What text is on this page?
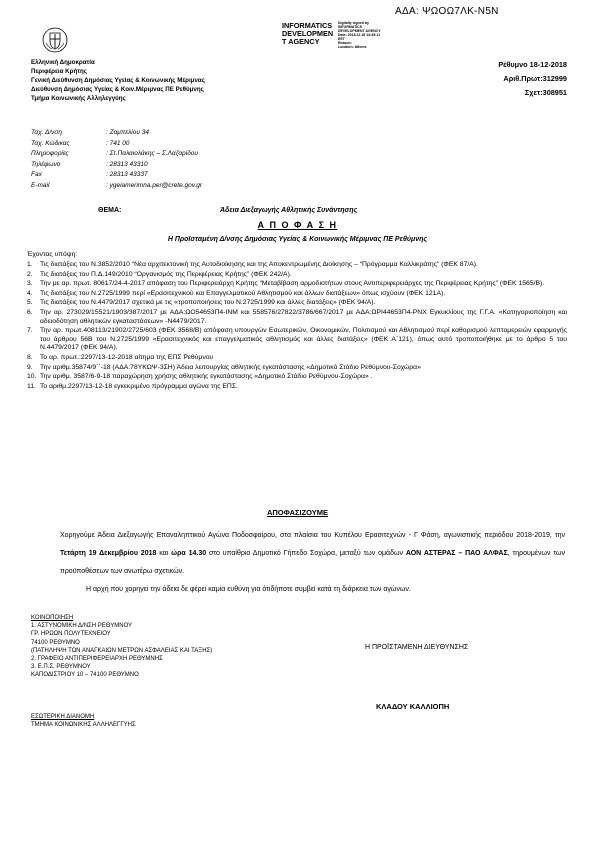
ΑΔΑ: ΨΩΟΩ7ΛΚ-Ν5Ν
INFORMATICS
DEVELOPMEN
T AGENCY
Digitally signed by
INFORMATICS
DEVELOPMENT AGENCY
Date: 2018.12.18 13:35:11
EET
Reason:
Location: Athens
Ελληνική Δημοκρατία
Περιφέρεια Κρήτης
Γενική Διεύθυνση Δημόσιας Υγείας & Κοινωνικής Μέριμνας
Διεύθυνση Δημόσιας Υγείας & Κοιν.Μέριμνας ΠΕ Ρεθύμνης
Τμήμα Κοινωνικής Αλληλεγγύης
Ρέθυμνο 18-12-2018
Αριθ.Πρωτ:312999
Σχετ:308951
Ταχ. Δ/νση	: Ζαμπελίου 34
Ταχ. Κώδικας	: 741 00
Πληροφορίες	: Στ.Παλαιολάκης – Σ.Λαζαρίδου
Τηλέφωνο	: 28313 43310
Fax	: 28313 43337
E-mail	: ygeiamerimna.per@crete.gov.gr
ΘΕΜΑ:	Άδεια Διεξαγωγής Αθλητικής Συνάντησης
Α Π Ο Φ Α Σ Η
Η Προϊσταμένη Δ/νσης Δημόσιας Υγείας & Κοινωνικής Μέριμνας ΠΕ Ρεθύμνης
Έχοντας υπόψη:
1.	Τις διατάξεις του Ν.3852/2010 “Νέα αρχιτεκτονική της Αυτοδιοίκησης και της Αποκεντρωμένης Διοίκησης – “Πρόγραμμα Καλλικράτης” (ΦΕΚ 87/Α).
2.	Τις διατάξεις του Π.Δ.149/2010 “Οργανισμός της Περιφέρειας Κρήτης” (ΦΕΚ 242/Α).
3.	Την με αρ. πρωτ. 80617/24-4-2017 απόφαση του Περιφερειάρχη Κρήτης “Μεταβίβαση αρμοδιοτήτων στους Αντιπεριφερειάρχες της Περιφέρειας Κρήτης” (ΦΕΚ 1565/Β).
4.	Τις διατάξεις του Ν.2725/1999 περί «Ερασιτεχνικού και Επαγγελματικού Αθλητισμού και άλλων διατάξεων» όπως ισχύουν (ΦΕΚ 121Α).
5.	Τις διατάξεις του Ν.4479/2017 σχετικά με τις «τροποποιήσεις του Ν.2725/1999 και άλλες διατάξεις» (ΦΕΚ 94/Α).
6.	Την αρ. 273029/15521/1903/387/2017 με ΑΔΑ:ΩΟ54653Π4-ΙΝΜ και 558576/27822/3786/667/2017 με ΑΔΑ:ΩΡΙ44653Π4-ΡΝΧ Εγκυκλίους της Γ.Γ.Α. «Κατηγοριοποίηση και αδειοδότηση αθλητικών εγκαταστάσεων» -Ν4479/2017.
7.	Την αρ. πρωτ.408113/21902/2725/603 (ΦΕΚ 3568/Β) απόφαση υπουργών Εσωτερικών, Οικονομικών, Πολιτισμού και Αθλητισμού περί καθορισμού λεπτομερειών εφαρμογής του άρθρου 56Β του Ν.2725/1999 «Ερασιτεχνικός και επαγγελματικός αθλητισμός και άλλες διατάξεις» (ΦΕΚ Α΄121), όπως αυτό τροποποιήθηκε με το άρθρο 5 του Ν.4479/2017 (ΦΕΚ 94/Α).
8.	Το αρ. πρωτ.:2297/13-12-2018 αίτημα της ΕΠΣ Ρεθύμνου
9.	Την αριθμ.35874/9΄΄-18 (ΑΔΑ:78ΥΚΩΨ-3ΣΗ) Άδεια λειτουργίας αθλητικής εγκατάστασης «Δημοτικό Στάδιο Ρεθύμνου-Σοχώρα»
10. Την αριθμ. 3587/6-9-18 παραχώρηση χρήσης αθλητικής εγκατάστασης «Δημοτικό Στάδιο Ρεθύμνου-Σοχώρα» .
11. Το αριθμ.2297/13-12-18 εγκεκριμένο πρόγραμμα αγώνα της ΕΠΣ.
ΑΠΟΦΑΣΙΖΟΥΜΕ
Χορηγούμε Άδεια Διεξαγωγής Επαναληπτικού Αγώνα Ποδοσφαίρου, στα πλαίσια του Κυπέλου Ερασιτεχνών - Γ Φάση, αγωνιστικής περιόδου 2018-2019, την Τετάρτη 19 Δεκεμβρίου 2018 και ώρα 14.30 στο υπαίθριο Δημοτικό Γήπεδο Σοχώρα, μεταξύ των ομάδων ΑΟΝ ΑΣΤΕΡΑΣ – ΠΑΟ ΑΛΦΑΣ, τηρουμένων των προϋποθέσεων των ανωτέρω σχετικών.
Η αρχή που χορηγεί την άδεια δε φέρει καμία ευθύνη για ότιδήποτε συμβεί κατά τη διάρκεια των αγώνων.
ΚΟΙΝΟΠΟΙΗΣΗ
1. ΑΣΤΥΝΟΜΙΚΗ Δ/ΝΣΗ ΡΕΘΥΜΝΟΥ
ΓΡ. ΗΡΩΩΝ ΠΟΛΥΤΕΧΝΕΙΟΥ
74100 ΡΕΘΥΜΝΟ
(ΠΑΤΗΛΗΨΗ ΤΩΝ ΑΝΑΓΚΑΙΩΝ ΜΕΤΡΩΝ ΑΣΦΑΛΕΙΑΣ ΚΑΙ ΤΑΞΗΣ)
2. ΓΡΑΦΕΙΟ ΑΝΤΙΠΕΡΙΦΕΡΕΙΑΡΧΗ ΡΕΘΥΜΝΗΣ
3. Ε.Π.Σ. ΡΕΘΥΜΝΟΥ
ΚΑΠΟΔΙΣΤΡΙΟΥ 10 – 74100 ΡΕΘΥΜΝΟ
Η ΠΡΟΪΣΤΑΜΕΝΗ ΔΙΕΥΘΥΝΣΗΣ
ΚΛΑΔΟΥ ΚΑΛΛΙΟΠΗ
ΕΣΩΤΕΡΙΚΗ ΔΙΑΝΟΜΗ
ΤΜΗΜΑ ΚΟΙΝΩΝΙΚΗΣ ΑΛΛΗΛΕΓΓΥΗΣ
